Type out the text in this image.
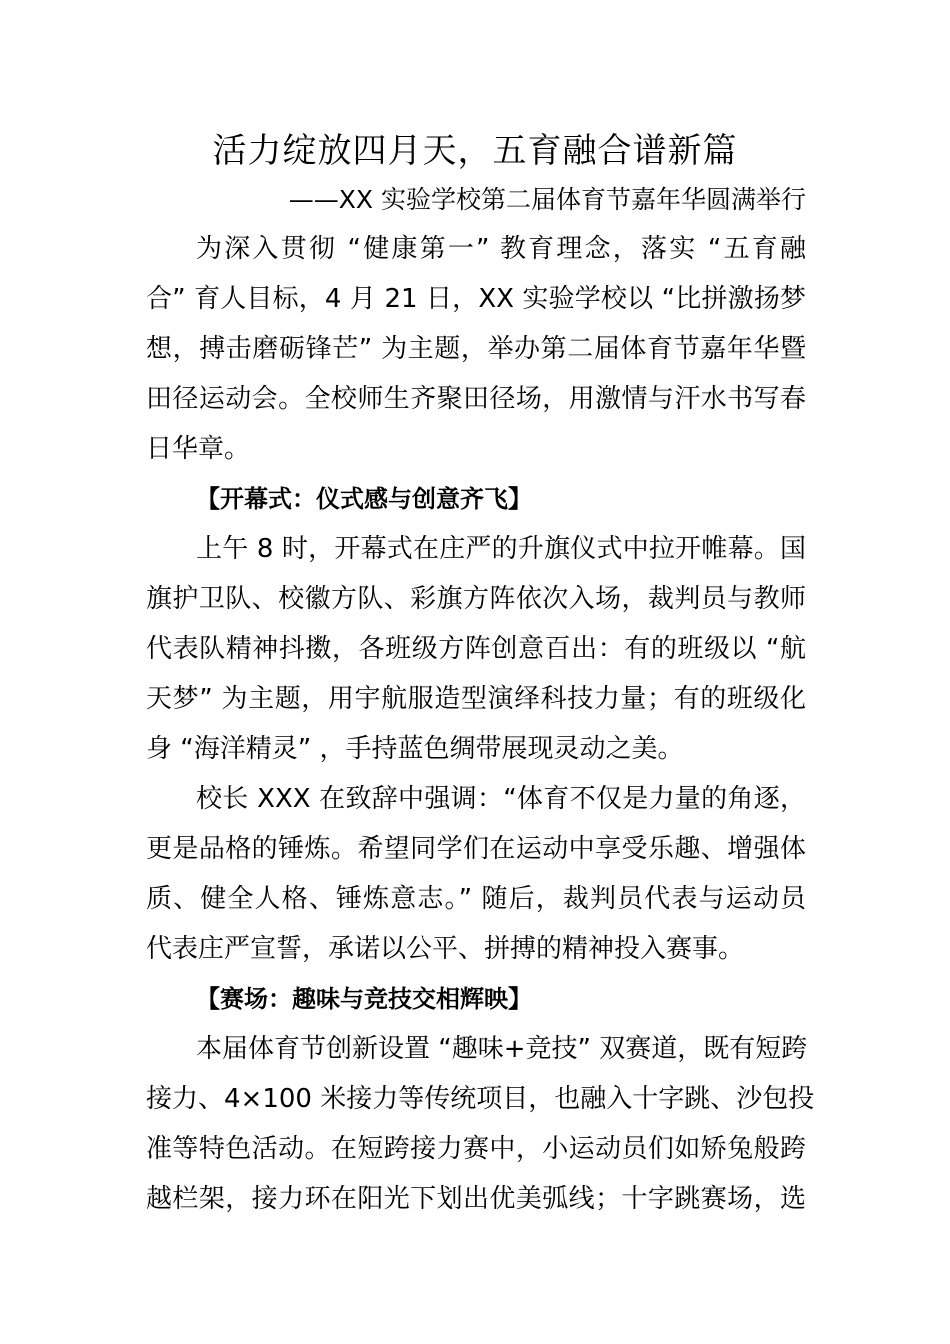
活力绽放四月天，五育融合谱新篇
——XX 实验学校第二届体育节嘉年华圆满举行
为深入贯彻 “健康第一” 教育理念，落实 “五育融
合” 育人目标，4 月 21 日，XX 实验学校以 “比拼激扬梦
想，搏击磨砺锋芒” 为主题，举办第二届体育节嘉年华暨
田径运动会。全校师生齐聚田径场，用激情与汗水书写春
日华章。
【开幕式：仪式感与创意齐飞】
上午 8 时，开幕式在庄严的升旗仪式中拉开帷幕。国
旗护卫队、校徽方队、彩旗方阵依次入场，裁判员与教师
代表队精神抖擞，各班级方阵创意百出：有的班级以 “航
天梦” 为主题，用宇航服造型演绎科技力量；有的班级化
身 “海洋精灵” ，手持蓝色绸带展现灵动之美。
校长 XXX 在致辞中强调：“体育不仅是力量的角逐，
更是品格的锤炼。希望同学们在运动中享受乐趣、增强体
质、健全人格、锤炼意志。” 随后，裁判员代表与运动员
代表庄严宣誓，承诺以公平、拼搏的精神投入赛事。
【赛场：趣味与竞技交相辉映】
本届体育节创新设置 “趣味+竞技” 双赛道，既有短跨
接力、4×100 米接力等传统项目，也融入十字跳、沙包投
准等特色活动。在短跨接力赛中，小运动员们如矫兔般跨
越栏架，接力环在阳光下划出优美弧线；十字跳赛场，选
